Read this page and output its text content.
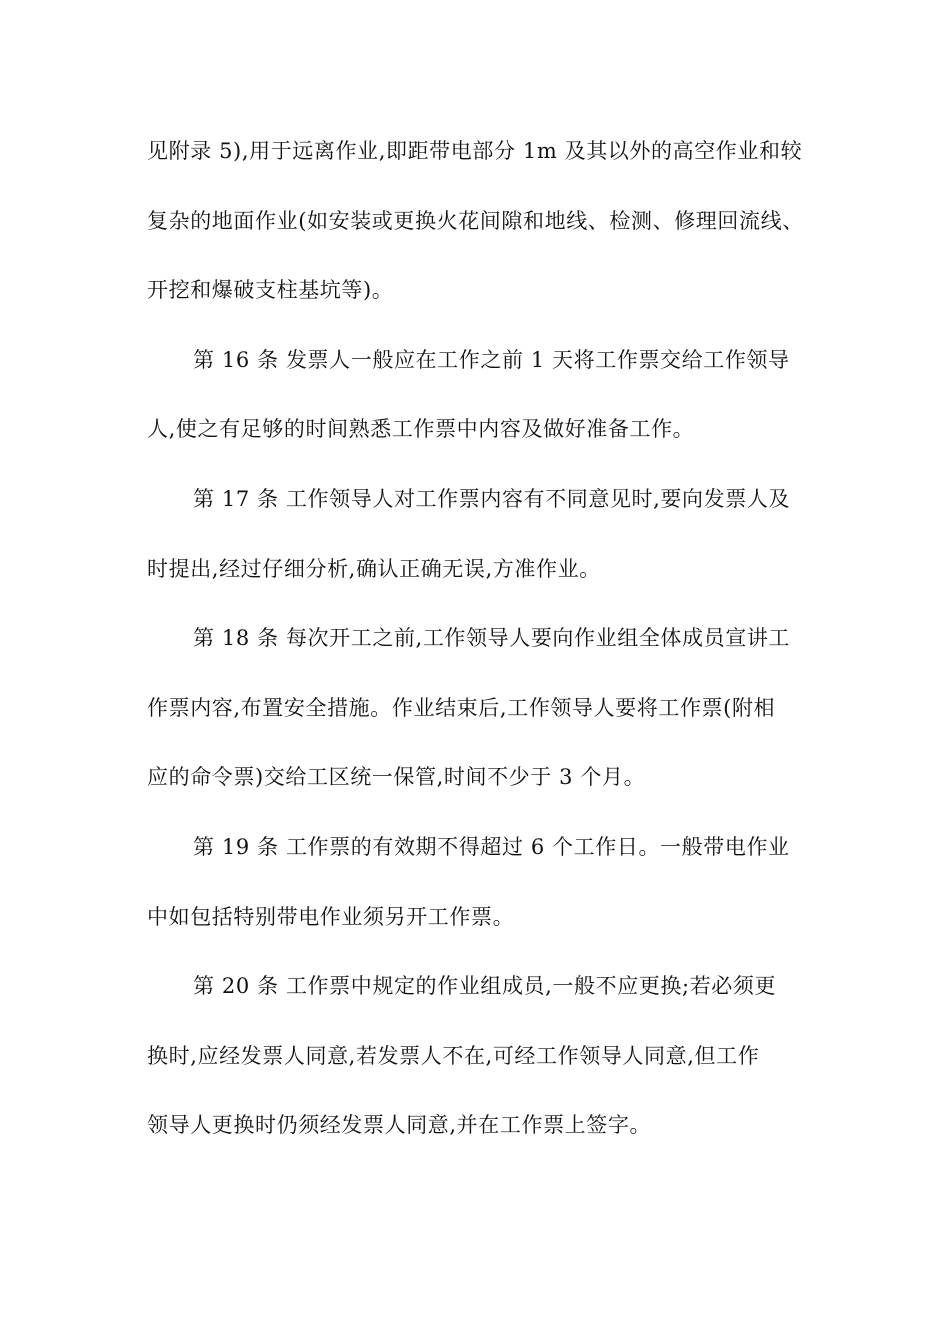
见附录 5),用于远离作业,即距带电部分 1m 及其以外的高空作业和较
复杂的地面作业(如安装或更换火花间隙和地线、检测、修理回流线、
开挖和爆破支柱基坑等)。
第 16 条 发票人一般应在工作之前 1 天将工作票交给工作领导
人,使之有足够的时间熟悉工作票中内容及做好准备工作。
第 17 条 工作领导人对工作票内容有不同意见时,要向发票人及
时提出,经过仔细分析,确认正确无误,方准作业。
第 18 条 每次开工之前,工作领导人要向作业组全体成员宣讲工
作票内容,布置安全措施。作业结束后,工作领导人要将工作票(附相
应的命令票)交给工区统一保管,时间不少于 3 个月。
第 19 条 工作票的有效期不得超过 6 个工作日。一般带电作业
中如包括特别带电作业须另开工作票。
第 20 条 工作票中规定的作业组成员,一般不应更换;若必须更
换时,应经发票人同意,若发票人不在,可经工作领导人同意,但工作
领导人更换时仍须经发票人同意,并在工作票上签字。
